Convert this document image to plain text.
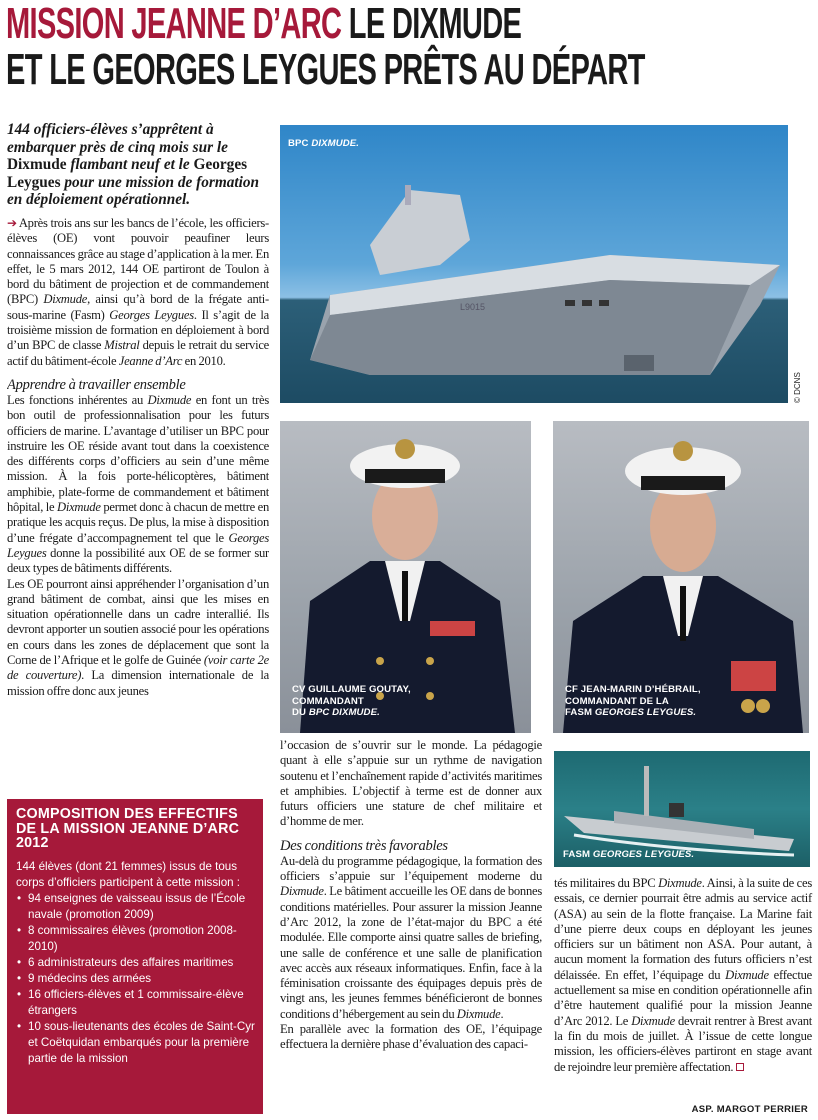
MISSION JEANNE D’ARC LE DIXMUDE
ET LE GEORGES LEYGUES PRÊTS AU DÉPART
144 officiers-élèves s’apprêtent à embarquer près de cinq mois sur le Dixmude flambant neuf et le Georges Leygues pour une mission de formation en déploiement opérationnel.

➔ Après trois ans sur les bancs de l’école, les officiers-élèves (OE) vont pouvoir peaufiner leurs connaissances grâce au stage d’application à la mer. En effet, le 5 mars 2012, 144 OE partiront de Toulon à bord du bâtiment de projection et de commandement (BPC) Dixmude, ainsi qu’à bord de la frégate anti-sous-marine (Fasm) Georges Leygues. Il s’agit de la troisième mission de formation en déploiement à bord d’un BPC de classe Mistral depuis le retrait du service actif du bâtiment-école Jeanne d’Arc en 2010.

Apprendre à travailler ensemble

Les fonctions inhérentes au Dixmude en font un très bon outil de professionnalisation pour les futurs officiers de marine. L’avantage d’utiliser un BPC pour instruire les OE réside avant tout dans la coexistence des différents corps d’officiers au sein d’une même mission. À la fois porte-hélicoptères, bâtiment amphibie, plate-forme de commandement et bâtiment hôpital, le Dixmude permet donc à chacun de mettre en pratique les acquis reçus. De plus, la mise à disposition d’une frégate d’accompagnement tel que le Georges Leygues donne la possibilité aux OE de se former sur deux types de bâtiments différents.

Les OE pourront ainsi appréhender l’organisation d’un grand bâtiment de combat, ainsi que les mises en situation opérationnelle dans un cadre interallié. Ils devront apporter un soutien associé pour les opérations en cours dans les zones de déplacement que sont la Corne de l’Afrique et le golfe de Guinée (voir carte 2e de couverture). La dimension internationale de la mission offre donc aux jeunes

COMPOSITION DES EFFECTIFS DE LA MISSION JEANNE D’ARC 2012

144 élèves (dont 21 femmes) issus de tous corps d’officiers participent à cette mission :

• 94 enseignes de vaisseau issus de l’École navale (promotion 2009)
• 8 commissaires élèves (promotion 2008-2010)
• 6 administrateurs des affaires maritimes
• 9 médecins des armées
• 16 officiers-élèves et 1 commissaire-élève étrangers
• 10 sous-lieutenants des écoles de Saint-Cyr et Coëtquidan embarqués pour la première partie de la mission
L9015
BPC DIXMUDE.
© DCNS
CV GUILLAUME GOUTAY,
COMMANDANT
DU BPC DIXMUDE.
CF JEAN-MARIN D’HÉBRAIL,
COMMANDANT DE LA
FASM GEORGES LEYGUES.

l’occasion de s’ouvrir sur le monde. La pédagogie quant à elle s’appuie sur un rythme de navigation soutenu et l’enchaînement rapide d’activités maritimes et amphibies. L’objectif à terme est de donner aux futurs officiers une stature de chef militaire et d’homme de mer.

Des conditions très favorables

Au-delà du programme pédagogique, la formation des officiers s’appuie sur l’équipement moderne du Dixmude. Le bâtiment accueille les OE dans de bonnes conditions matérielles. Pour assurer la mission Jeanne d’Arc 2012, la zone de l’état-major du BPC a été modulée. Elle comporte ainsi quatre salles de briefing, une salle de conférence et une salle de planification avec accès aux réseaux informatiques. Enfin, face à la féminisation croissante des équipages depuis près de vingt ans, les jeunes femmes bénéficieront de bonnes conditions d’hébergement au sein du Dixmude.

En parallèle avec la formation des OE, l’équipage effectuera la dernière phase d’évaluation des capaci-

FASM GEORGES LEYGUES.

tés militaires du BPC Dixmude. Ainsi, à la suite de ces essais, ce dernier pourrait être admis au service actif (ASA) au sein de la flotte française. La Marine fait d’une pierre deux coups en déployant les jeunes officiers sur un bâtiment non ASA. Pour autant, à aucun moment la formation des futurs officiers n’est délaissée. En effet, l’équipage du Dixmude effectue actuellement sa mise en condition opérationnelle afin d’être hautement qualifié pour la mission Jeanne d’Arc 2012. Le Dixmude devrait rentrer à Brest avant la fin du mois de juillet. À l’issue de cette longue mission, les officiers-élèves partiront en stage avant de rejoindre leur première affectation.

ASP. MARGOT PERRIER
